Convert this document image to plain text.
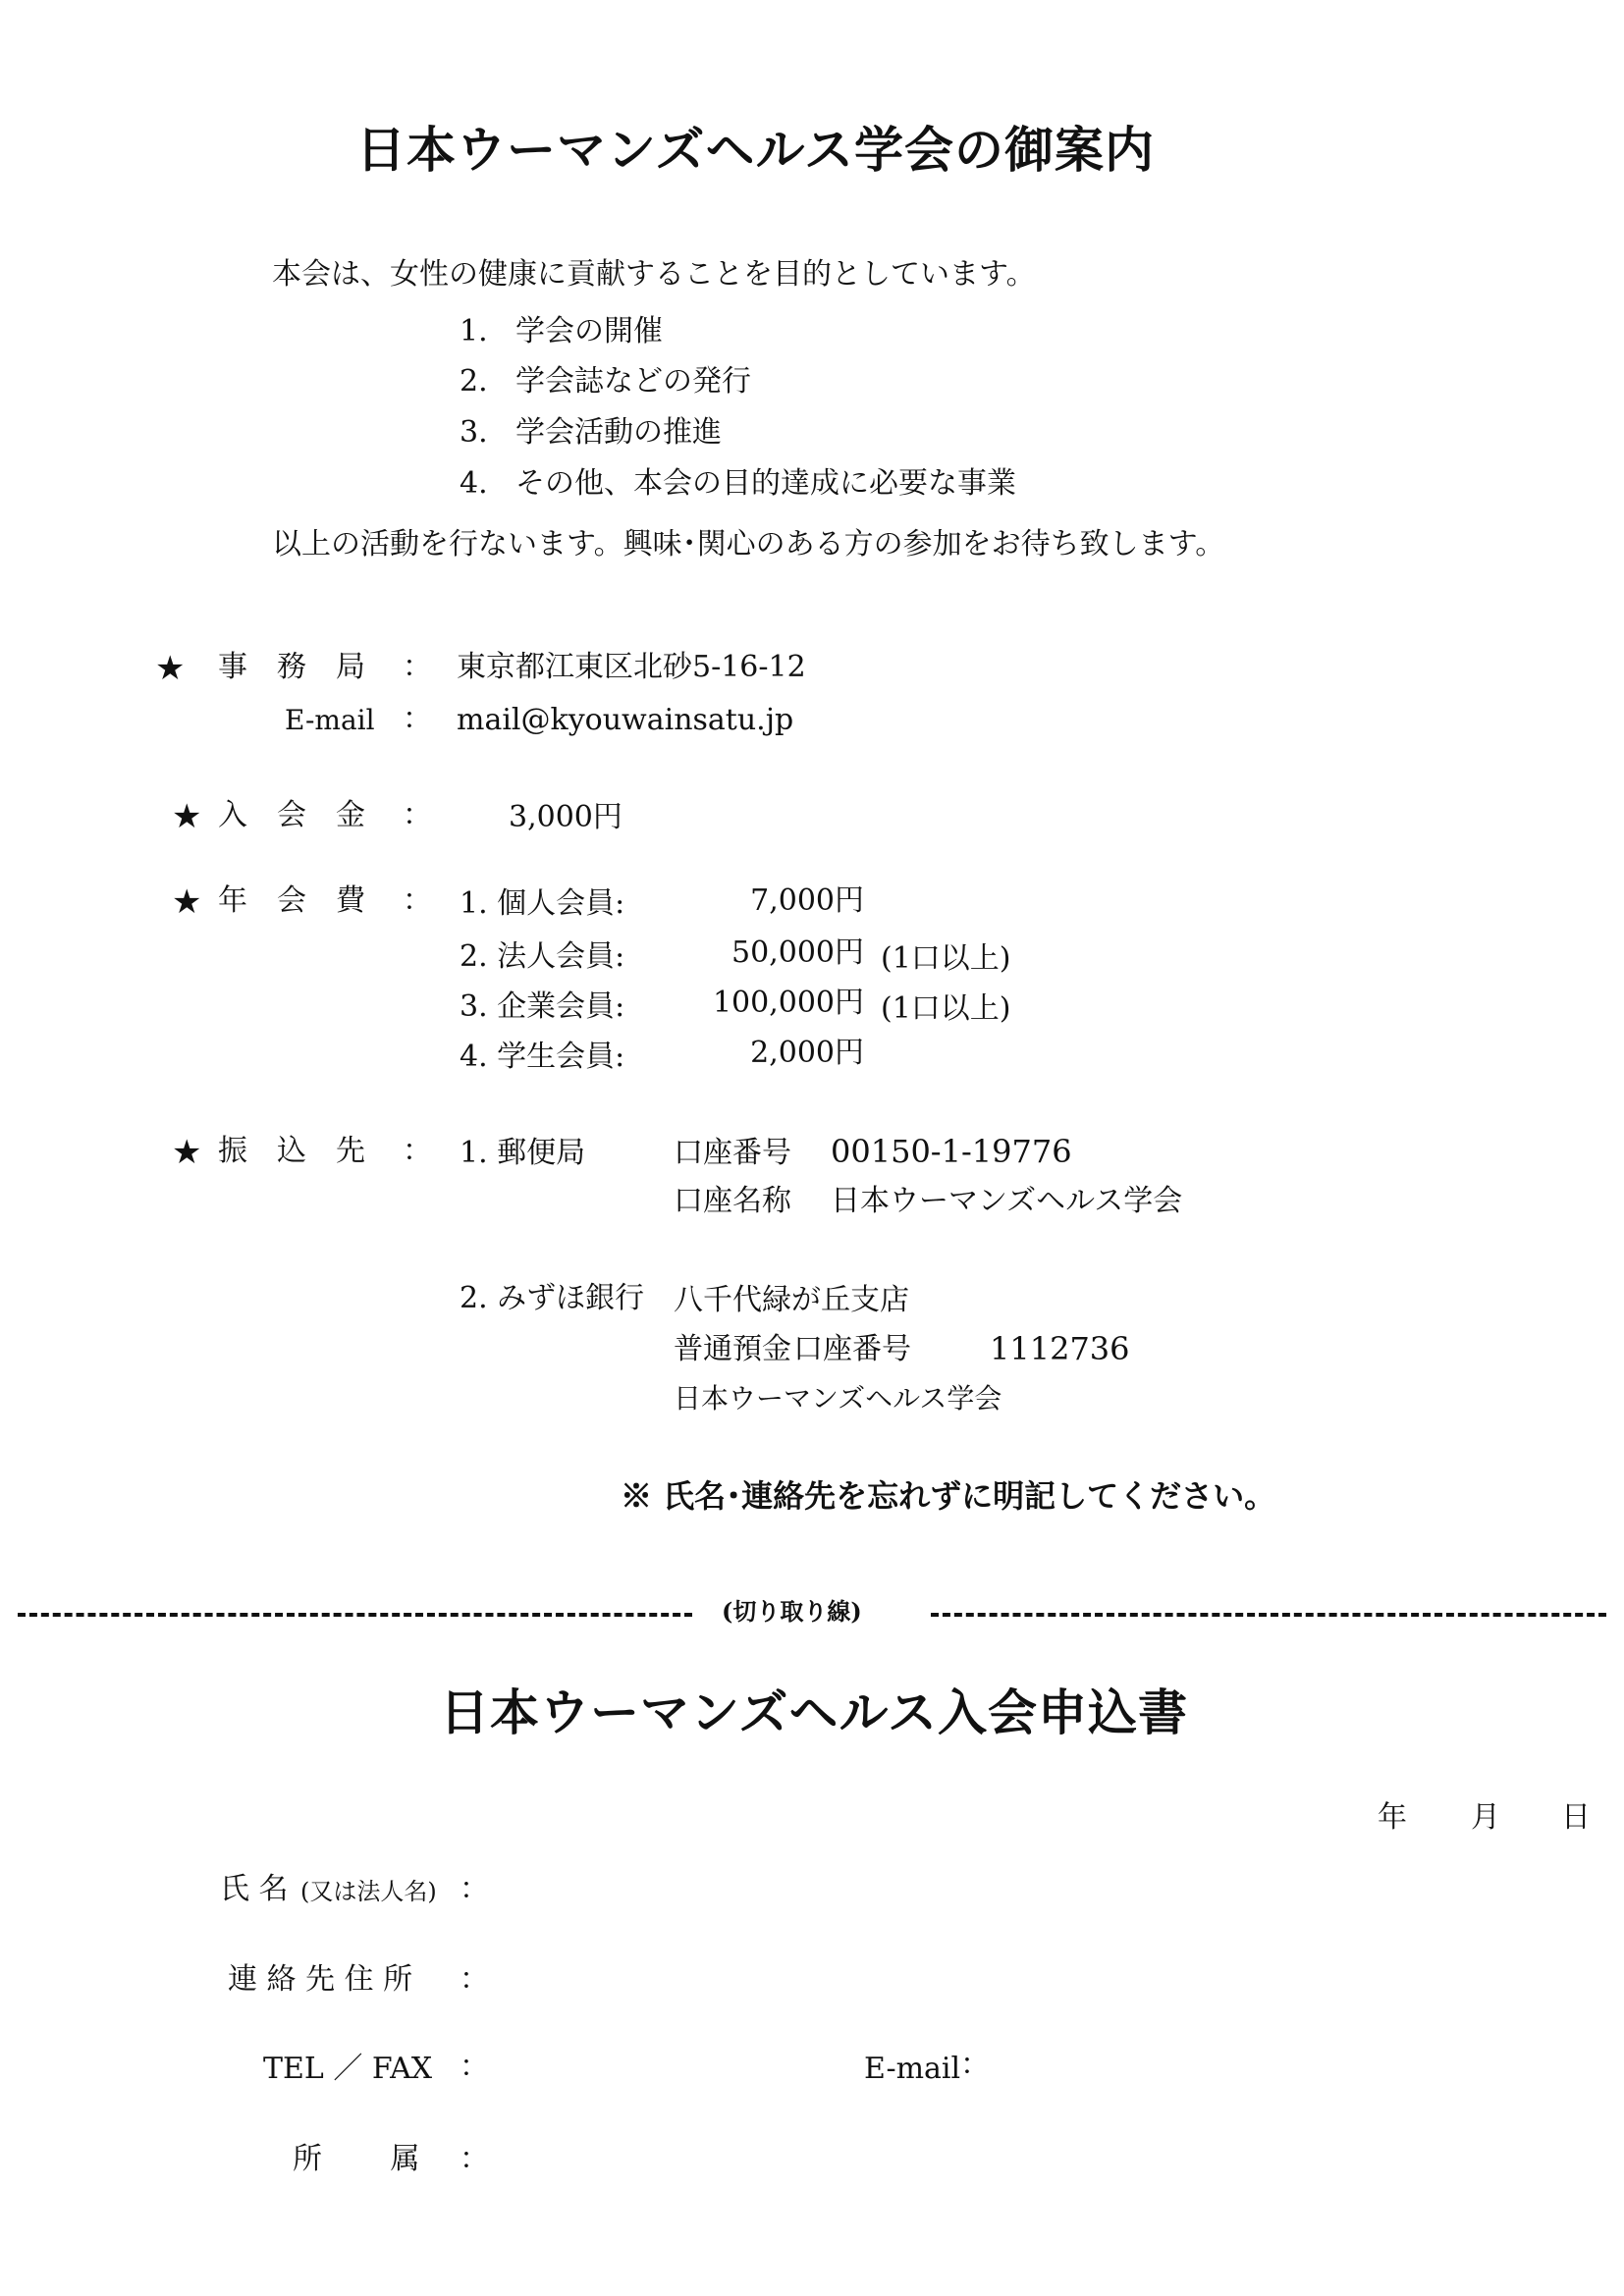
日本ウーマンズヘルス学会の御案内
本会は、女性の健康に貢献することを目的としています。
1. 学会の開催
2. 学会誌などの発行
3. 学会活動の推進
4. その他、本会の目的達成に必要な事業
以上の活動を行ないます。興味･関心のある方の参加をお待ち致します。
★ 事　務　局 ： 東京都江東区北砂5-16-12
E-mail ： mail@kyouwainsatu.jp
★ 入　会　金 ：	3,000円
★ 年　会　費 ： 1. 個人会員:	7,000円
2. 法人会員:	50,000円 (1口以上)
3. 企業会員:	100,000円 (1口以上)
4. 学生会員:	2,000円
★ 振　込　先 ： 1. 郵便局	口座番号 00150-1-19776
口座名称 日本ウーマンズヘルス学会
2. みずほ銀行 八千代緑が丘支店
普通預金 口座番号	1112736
日本ウーマンズヘルス学会
※ 氏名･連絡先を忘れずに明記してください。
(切り取り線)
日本ウーマンズヘルス入会申込書
年 月 日
氏 名 (又は法人名) ：
連 絡 先 住 所 ：
TEL ／ FAX ：	E-mail ：
所　　 属 ：
